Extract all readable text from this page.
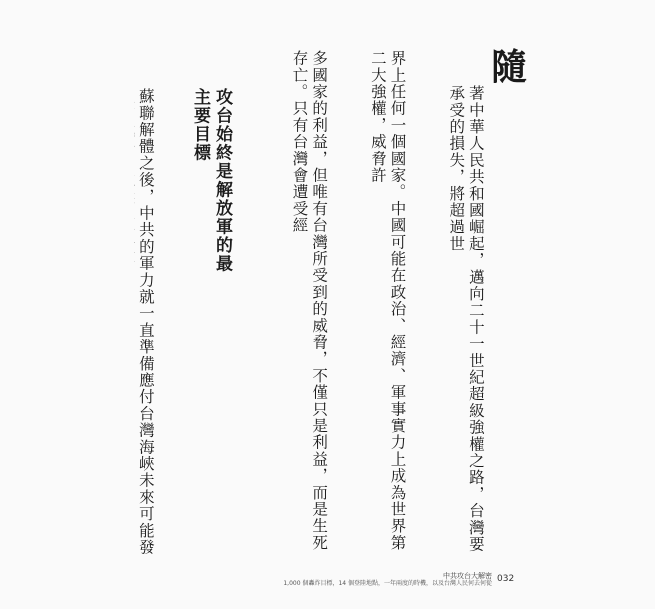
隨

著中華人民共和國崛起，邁向二十一世紀超級強權之路，台灣要承受的損失，將超過世

界上任何一個國家。中國可能在政治、經濟、軍事實力上成為世界第二大強權，威脅許

多國家的利益，但唯有台灣所受到的威脅，不僅只是利益，而是生死存亡。只有台灣會遭受經

攻台始終是解放軍的最主要目標

蘇聯解體之後，中共的軍力就一直準備應付台灣海峽未來可能發

中共攻台大解密
1,000 個轟炸目標，14 個登陸地點，一年兩度的時機，以及台灣人民何去何從 032
